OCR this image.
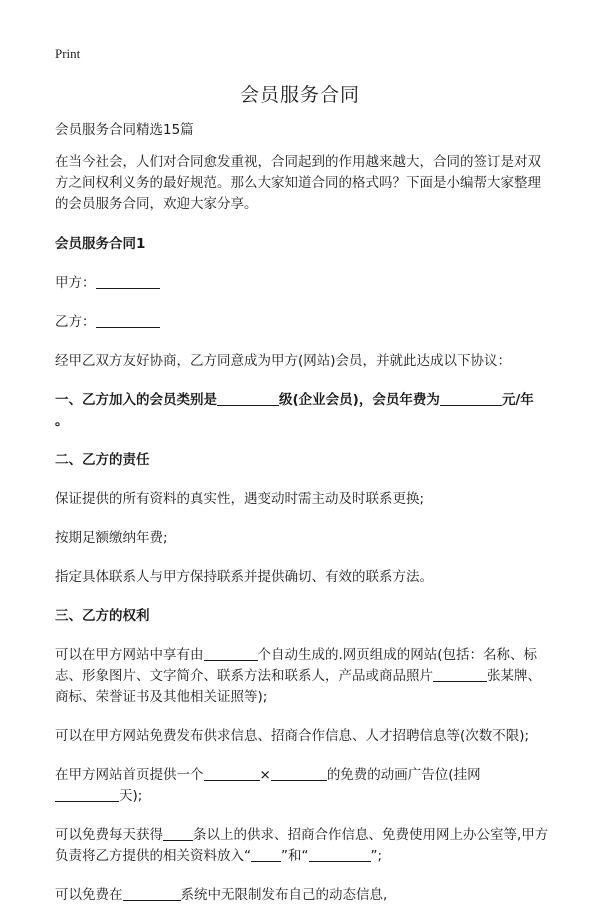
Print
会员服务合同

会员服务合同精选15篇

在当今社会，人们对合同愈发重视，合同起到的作用越来越大，合同的签订是对双方之间权利义务的最好规范。那么大家知道合同的格式吗？下面是小编帮大家整理的会员服务合同，欢迎大家分享。

会员服务合同1

甲方：

乙方：

经甲乙双方友好协商，乙方同意成为甲方(网站)会员，并就此达成以下协议：

一、乙方加入的会员类别是	级(企业会员)，会员年费为	元/年
。

二、乙方的责任

保证提供的所有资料的真实性，遇变动时需主动及时联系更换;

按期足额缴纳年费;

指定具体联系人与甲方保持联系并提供确切、有效的联系方法。

三、乙方的权利

可以在甲方网站中享有由	个自动生成的.网页组成的网站(包括：名称、标志、形象图片、文字简介、联系方法和联系人，产品或商品照片	张某牌、商标、荣誉证书及其他相关证照等);

可以在甲方网站免费发布供求信息、招商合作信息、人才招聘信息等(次数不限);

在甲方网站首页提供一个	×	的免费的动画广告位(挂网
天);

可以免费每天获得 条以上的供求、招商合作信息、免费使用网上办公室等,甲方负责将乙方提供的相关资料放入“ ”和“	”;

可以免费在	系统中无限制发布自己的动态信息,
